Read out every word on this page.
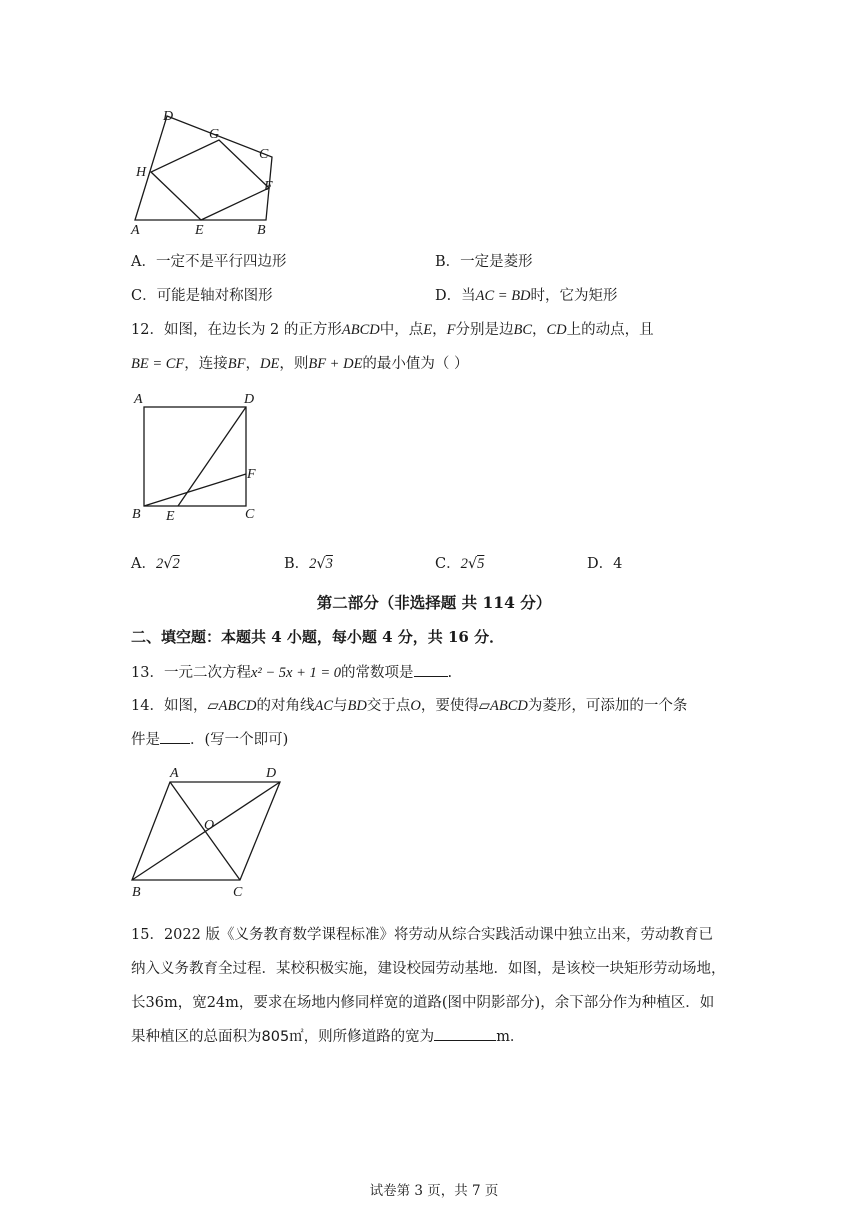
D
G
C
H
F
A	E	B
A．一定不是平行四边形	B．一定是菱形
C．可能是轴对称图形	D．当AC = BD时，它为矩形
12．如图，在边长为 2 的正方形ABCD中，点E，F分别是边BC，CD上的动点，且
BE = CF，连接BF，DE，则BF + DE的最小值为（ ）
A	D
F
B E	C
A．2√2	B．2√3	C．2√5	D．4
第二部分（非选择题 共 114 分）
二、填空题：本题共 4 小题，每小题 4 分，共 16 分．
13．一元二次方程x² − 5x + 1 = 0的常数项是 .
14．如图，▱ABCD的对角线AC与BD交于点O，要使得▱ABCD为菱形，可添加的一个条
件是 ．(写一个即可)
A	D
O
B	C
15．2022 版《义务教育数学课程标准》将劳动从综合实践活动课中独立出来，劳动教育已
纳入义务教育全过程．某校积极实施，建设校园劳动基地．如图，是该校一块矩形劳动场地，
长36m，宽24m，要求在场地内修同样宽的道路(图中阴影部分)，余下部分作为种植区．如
果种植区的总面积为805㎡，则所修道路的宽为	m．
试卷第 3 页，共 7 页
